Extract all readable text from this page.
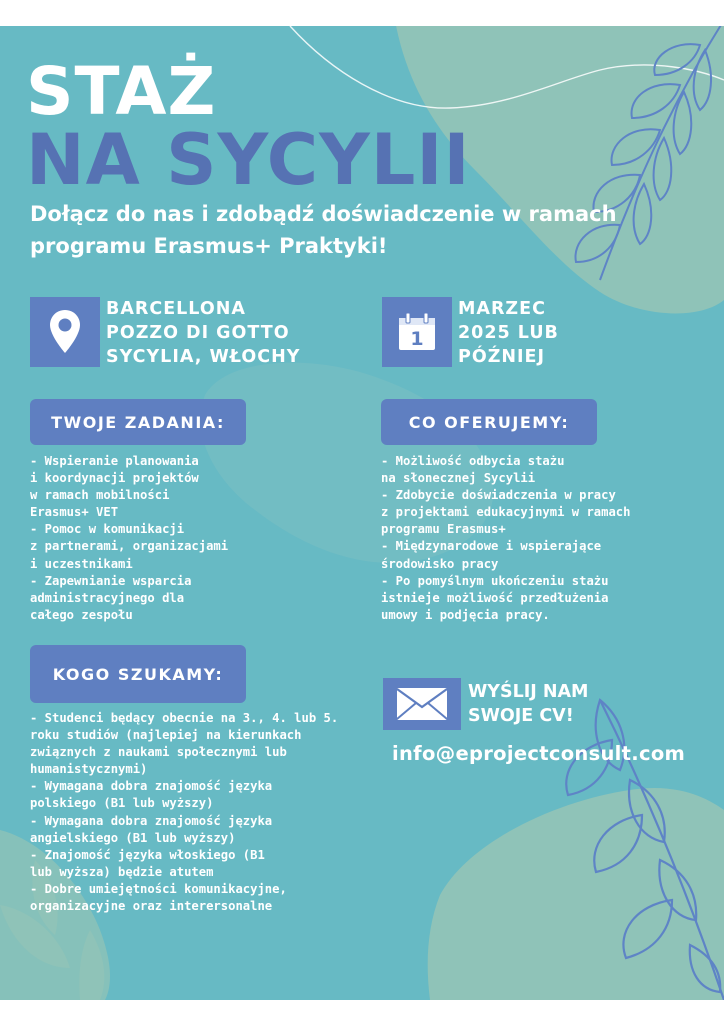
STAŻ
NA SYCYLII
Dołącz do nas i zdobądź doświadczenie w ramach programu Erasmus+ Praktyki!
BARCELLONA
POZZO DI GOTTO
SYCYLIA, WŁOCHY
1
MARZEC
2025 LUB
PÓŹNIEJ
TWOJE ZADANIA:	CO OFERUJEMY:
KOGO SZUKAMY:
- Wspieranie planowania
i koordynacji projektów
w ramach mobilności
Erasmus+ VET
- Pomoc w komunikacji
z partnerami, organizacjami
i uczestnikami
- Zapewnianie wsparcia
administracyjnego dla
całego zespołu
- Możliwość odbycia stażu
na słonecznej Sycylii
- Zdobycie doświadczenia w pracy
z projektami edukacyjnymi w ramach
programu Erasmus+
- Międzynarodowe i wspierające
środowisko pracy
- Po pomyślnym ukończeniu stażu
istnieje możliwość przedłużenia
umowy i podjęcia pracy.
- Studenci będący obecnie na 3., 4. lub 5.
roku studiów (najlepiej na kierunkach
związnych z naukami społecznymi lub
humanistycznymi)
- Wymagana dobra znajomość języka
polskiego (B1 lub wyższy)
- Wymagana dobra znajomość języka
angielskiego (B1 lub wyższy)
- Znajomość języka włoskiego (B1
lub wyższa) będzie atutem
- Dobre umiejętności komunikacyjne,
organizacyjne oraz interersonalne
WYŚLIJ NAM
SWOJE CV!
info@eprojectconsult.com
